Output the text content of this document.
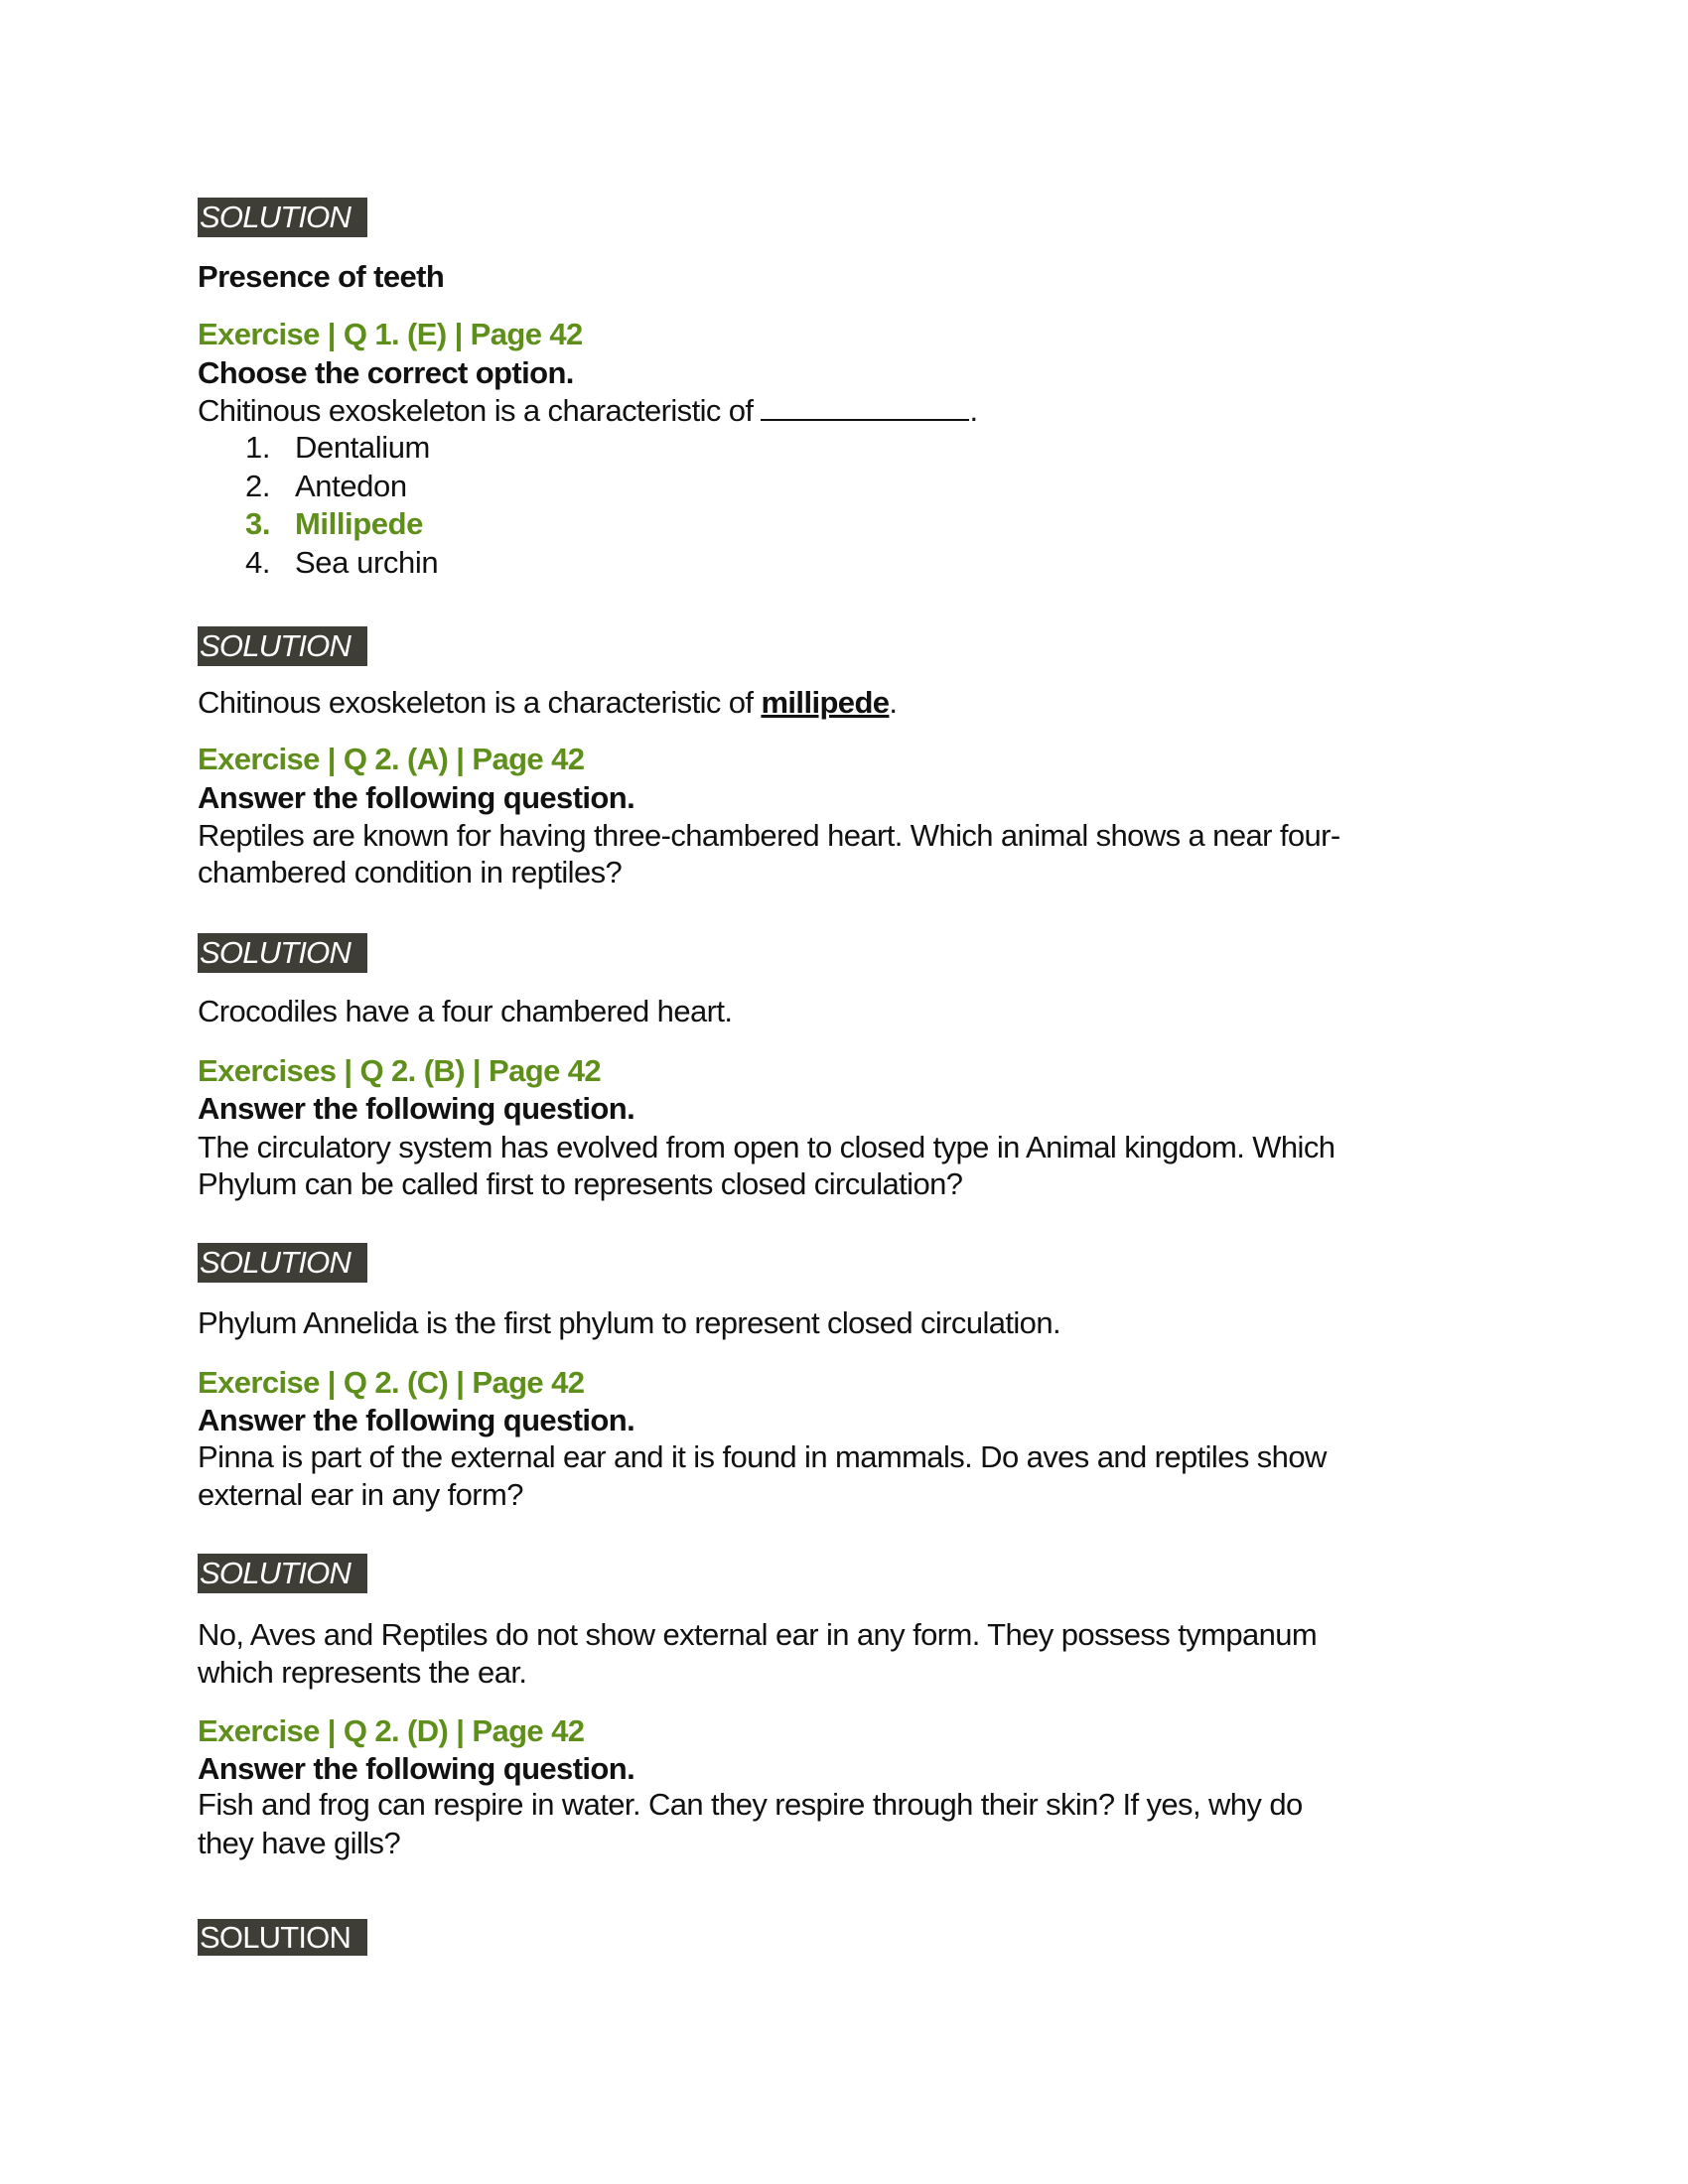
SOLUTION
Presence of teeth
Exercise | Q 1. (E) | Page 42
Choose the correct option.
Chitinous exoskeleton is a characteristic of	.
1. Dentalium
2. Antedon
3. Millipede
4. Sea urchin
SOLUTION
Chitinous exoskeleton is a characteristic of millipede.
Exercise | Q 2. (A) | Page 42
Answer the following question.
Reptiles are known for having three-chambered heart. Which animal shows a near four-
chambered condition in reptiles?
SOLUTION
Crocodiles have a four chambered heart.
Exercises | Q 2. (B) | Page 42
Answer the following question.
The circulatory system has evolved from open to closed type in Animal kingdom. Which
Phylum can be called first to represents closed circulation?
SOLUTION
Phylum Annelida is the first phylum to represent closed circulation.
Exercise | Q 2. (C) | Page 42
Answer the following question.
Pinna is part of the external ear and it is found in mammals. Do aves and reptiles show
external ear in any form?
SOLUTION
No, Aves and Reptiles do not show external ear in any form. They possess tympanum
which represents the ear.
Exercise | Q 2. (D) | Page 42
Answer the following question.
Fish and frog can respire in water. Can they respire through their skin? If yes, why do
they have gills?
SOLUTION
